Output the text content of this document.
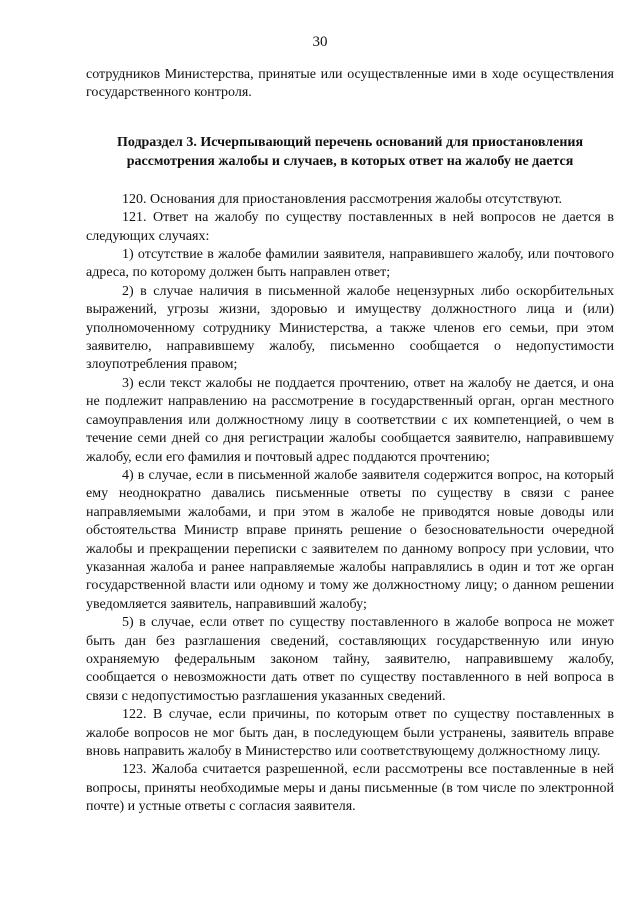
30

сотрудников Министерства, принятые или осуществленные ими в ходе осуществления государственного контроля.

Подраздел 3. Исчерпывающий перечень оснований для приостановления рассмотрения жалобы и случаев, в которых ответ на жалобу не дается

120. Основания для приостановления рассмотрения жалобы отсутствуют.

121. Ответ на жалобу по существу поставленных в ней вопросов не дается в следующих случаях:

1) отсутствие в жалобе фамилии заявителя, направившего жалобу, или почтового адреса, по которому должен быть направлен ответ;

2) в случае наличия в письменной жалобе нецензурных либо оскорбительных выражений, угрозы жизни, здоровью и имуществу должностного лица и (или) уполномоченному сотруднику Министерства, а также членов его семьи, при этом заявителю, направившему жалобу, письменно сообщается о недопустимости злоупотребления правом;

3) если текст жалобы не поддается прочтению, ответ на жалобу не дается, и она не подлежит направлению на рассмотрение в государственный орган, орган местного самоуправления или должностному лицу в соответствии с их компетенцией, о чем в течение семи дней со дня регистрации жалобы сообщается заявителю, направившему жалобу, если его фамилия и почтовый адрес поддаются прочтению;

4) в случае, если в письменной жалобе заявителя содержится вопрос, на который ему неоднократно давались письменные ответы по существу в связи с ранее направляемыми жалобами, и при этом в жалобе не приводятся новые доводы или обстоятельства Министр вправе принять решение о безосновательности очередной жалобы и прекращении переписки с заявителем по данному вопросу при условии, что указанная жалоба и ранее направляемые жалобы направлялись в один и тот же орган государственной власти или одному и тому же должностному лицу; о данном решении уведомляется заявитель, направивший жалобу;

5) в случае, если ответ по существу поставленного в жалобе вопроса не может быть дан без разглашения сведений, составляющих государственную или иную охраняемую федеральным законом тайну, заявителю, направившему жалобу, сообщается о невозможности дать ответ по существу поставленного в ней вопроса в связи с недопустимостью разглашения указанных сведений.

122. В случае, если причины, по которым ответ по существу поставленных в жалобе вопросов не мог быть дан, в последующем были устранены, заявитель вправе вновь направить жалобу в Министерство или соответствующему должностному лицу.

123. Жалоба считается разрешенной, если рассмотрены все поставленные в ней вопросы, приняты необходимые меры и даны письменные (в том числе по электронной почте) и устные ответы с согласия заявителя.
